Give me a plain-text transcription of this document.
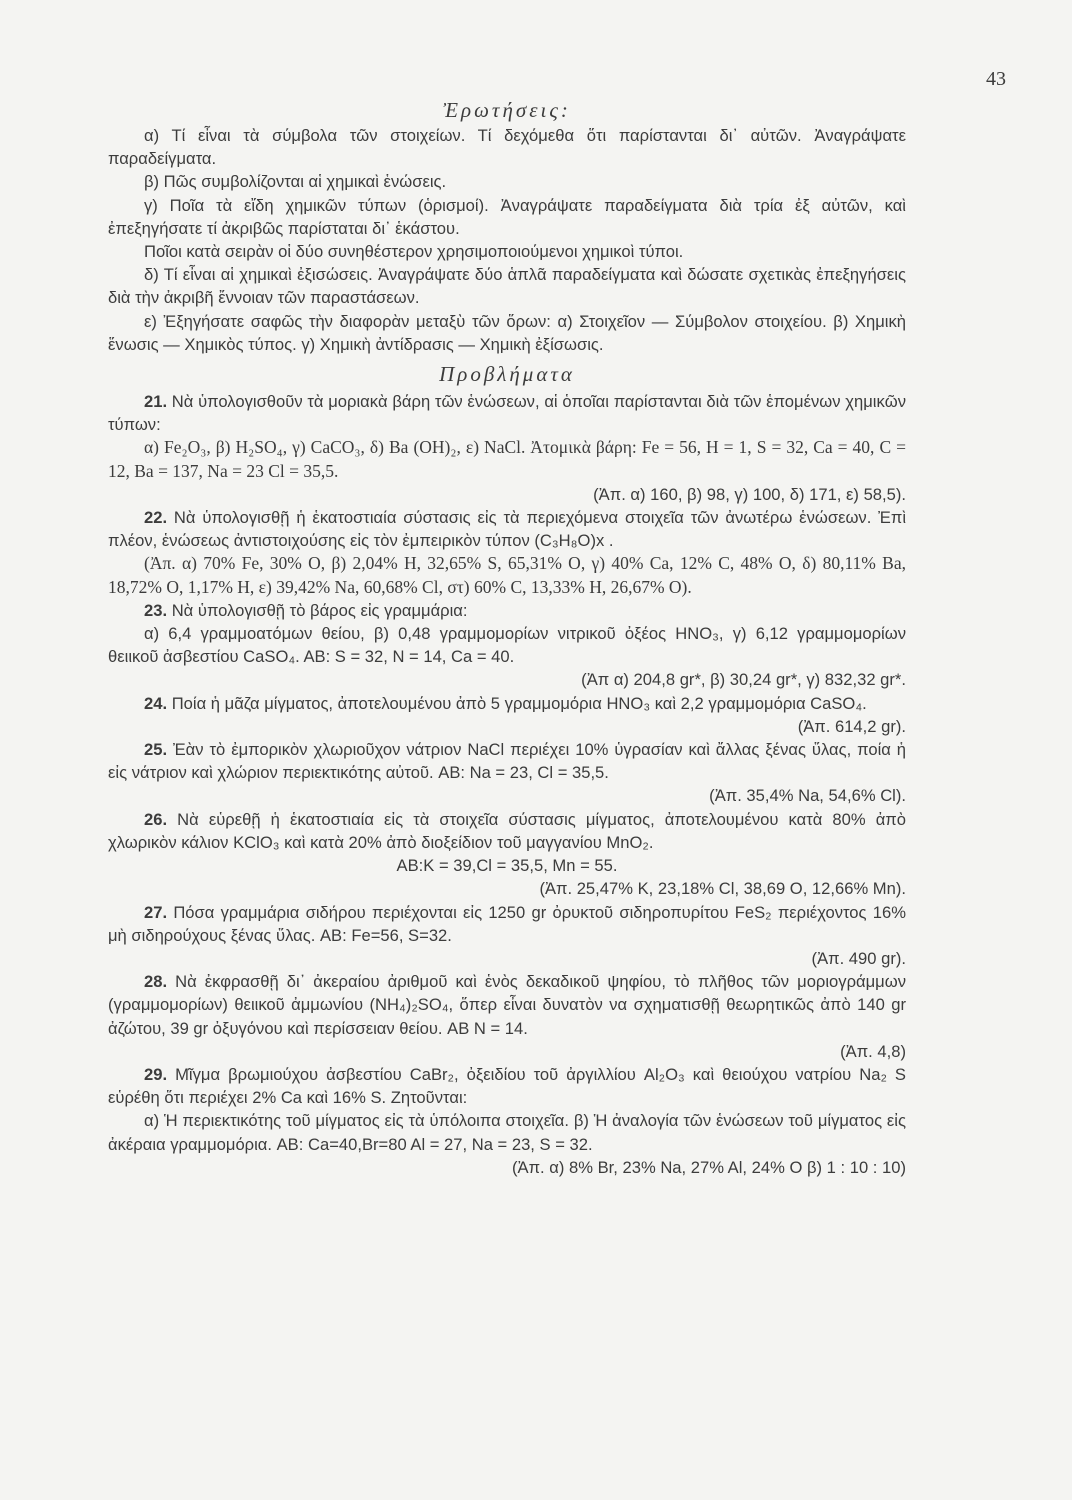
43
Ἐρωτήσεις:

α) Τί εἶναι τὰ σύμβολα τῶν στοιχείων. Τί δεχόμεθα ὅτι παρίστανται δι᾽ αὐτῶν. Ἀναγράψατε παραδείγματα.

β) Πῶς συμβολίζονται αἱ χημικαὶ ἑνώσεις.

γ) Ποῖα τὰ εἴδη χημικῶν τύπων (ὁρισμοί). Ἀναγράψατε παραδείγματα διὰ τρία ἐξ αὐτῶν, καὶ ἐπεξηγήσατε τί ἀκριβῶς παρίσταται δι᾽ ἑκάστου.

Ποῖοι κατὰ σειρὰν οἱ δύο συνηθέστερον χρησιμοποιούμενοι χημικοὶ τύποι.

δ) Τί εἶναι αἱ χημικαὶ ἐξισώσεις. Ἀναγράψατε δύο ἁπλᾶ παραδείγματα καὶ δώσατε σχετικὰς ἐπεξηγήσεις διὰ τὴν ἀκριβῆ ἔννοιαν τῶν παραστάσεων.

ε) Ἐξηγήσατε σαφῶς τὴν διαφορὰν μεταξὺ τῶν ὅρων: α) Στοιχεῖον — Σύμβολον στοιχείου. β) Χημικὴ ἕνωσις — Χημικὸς τύπος. γ) Χημικὴ ἀντίδρασις — Χημικὴ ἐξίσωσις.

Προβλήματα

21. Νὰ ὑπολογισθοῦν τὰ μοριακὰ βάρη τῶν ἑνώσεων, αἱ ὁποῖαι παρίστανται διὰ τῶν ἑπομένων χημικῶν τύπων:

α) Fe₂O₃, β) H₂SO₄, γ) CaCO₃, δ) Ba (OH)₂, ε) NaCl. Ἀτομικὰ βάρη: Fe = 56, H = 1, S = 32, Ca = 40, C = 12, Ba = 137, Na = 23 Cl = 35,5.

(Ἀπ. α) 160, β) 98, γ) 100, δ) 171, ε) 58,5).

22. Νὰ ὑπολογισθῇ ἡ ἑκατοστιαία σύστασις εἰς τὰ περιεχόμενα στοιχεῖα τῶν ἀνωτέρω ἑνώσεων. Ἐπὶ πλέον, ἑνώσεως ἀντιστοιχούσης εἰς τὸν ἐμπειρικὸν τύπον (C₃H₈O)x .

(Ἀπ. α) 70% Fe, 30% O, β) 2,04% H, 32,65% S, 65,31% O, γ) 40% Ca, 12% C, 48% O, δ) 80,11% Ba, 18,72% O, 1,17% H, ε) 39,42% Na, 60,68% Cl, στ) 60% C, 13,33% H, 26,67% O).

23. Νὰ ὑπολογισθῇ τὸ βάρος εἰς γραμμάρια:

α) 6,4 γραμμοατόμων θείου, β) 0,48 γραμμομορίων νιτρικοῦ ὀξέος HNO₃, γ) 6,12 γραμμομορίων θειικοῦ ἀσβεστίου CaSO₄. AB: S = 32, N = 14, Ca = 40.

(Ἀπ α) 204,8 gr*, β) 30,24 gr*, γ) 832,32 gr*.

24. Ποία ἡ μᾶζα μίγματος, ἀποτελουμένου ἀπὸ 5 γραμμομόρια HNO₃ καὶ 2,2 γραμμομόρια CaSO₄.

(Ἀπ. 614,2 gr).

25. Ἐὰν τὸ ἐμπορικὸν χλωριοῦχον νάτριον NaCl περιέχει 10% ὑγρασίαν καὶ ἄλλας ξένας ὕλας, ποία ἡ εἰς νάτριον καὶ χλώριον περιεκτικότης αὐτοῦ. AB: Na = 23, Cl = 35,5.

(Ἀπ. 35,4% Na, 54,6% Cl).

26. Νὰ εὑρεθῇ ἡ ἑκατοστιαία εἰς τὰ στοιχεῖα σύστασις μίγματος, ἀποτελουμένου κατὰ 80% ἀπὸ χλωρικὸν κάλιον KClO₃ καὶ κατὰ 20% ἀπὸ διοξείδιον τοῦ μαγγανίου MnO₂.

AB:K = 39,Cl = 35,5, Mn = 55.

(Ἀπ. 25,47% K, 23,18% Cl, 38,69 O, 12,66% Mn).

27. Πόσα γραμμάρια σιδήρου περιέχονται εἰς 1250 gr ὀρυκτοῦ σιδηροπυρίτου FeS₂ περιέχοντος 16% μὴ σιδηρούχους ξένας ὕλας. AB: Fe=56, S=32.

(Ἀπ. 490 gr).

28. Νὰ ἐκφρασθῇ δι᾽ ἀκεραίου ἀριθμοῦ καὶ ἑνὸς δεκαδικοῦ ψηφίου, τὸ πλῆθος τῶν μοριογράμμων (γραμμομορίων) θειικοῦ ἀμμωνίου (NH₄)₂SO₄, ὅπερ εἶναι δυνατὸν να σχηματισθῇ θεωρητικῶς ἀπὸ 140 gr ἀζώτου, 39 gr ὀξυγόνου καὶ περίσσειαν θείου. AB N = 14.

(Ἀπ. 4,8)

29. Μῖγμα βρωμιούχου ἀσβεστίου CaBr₂, ὀξειδίου τοῦ ἀργιλλίου Al₂O₃ καὶ θειούχου νατρίου Na₂ S εὑρέθη ὅτι περιέχει 2% Ca καὶ 16% S. Ζητοῦνται:

α) Ἡ περιεκτικότης τοῦ μίγματος εἰς τὰ ὑπόλοιπα στοιχεῖα. β) Ἡ ἀναλογία τῶν ἑνώσεων τοῦ μίγματος εἰς ἀκέραια γραμμομόρια. AB: Ca=40,Br=80 Al = 27, Na = 23, S = 32.

(Ἀπ. α) 8% Br, 23% Na, 27% Al, 24% O β) 1 : 10 : 10)
